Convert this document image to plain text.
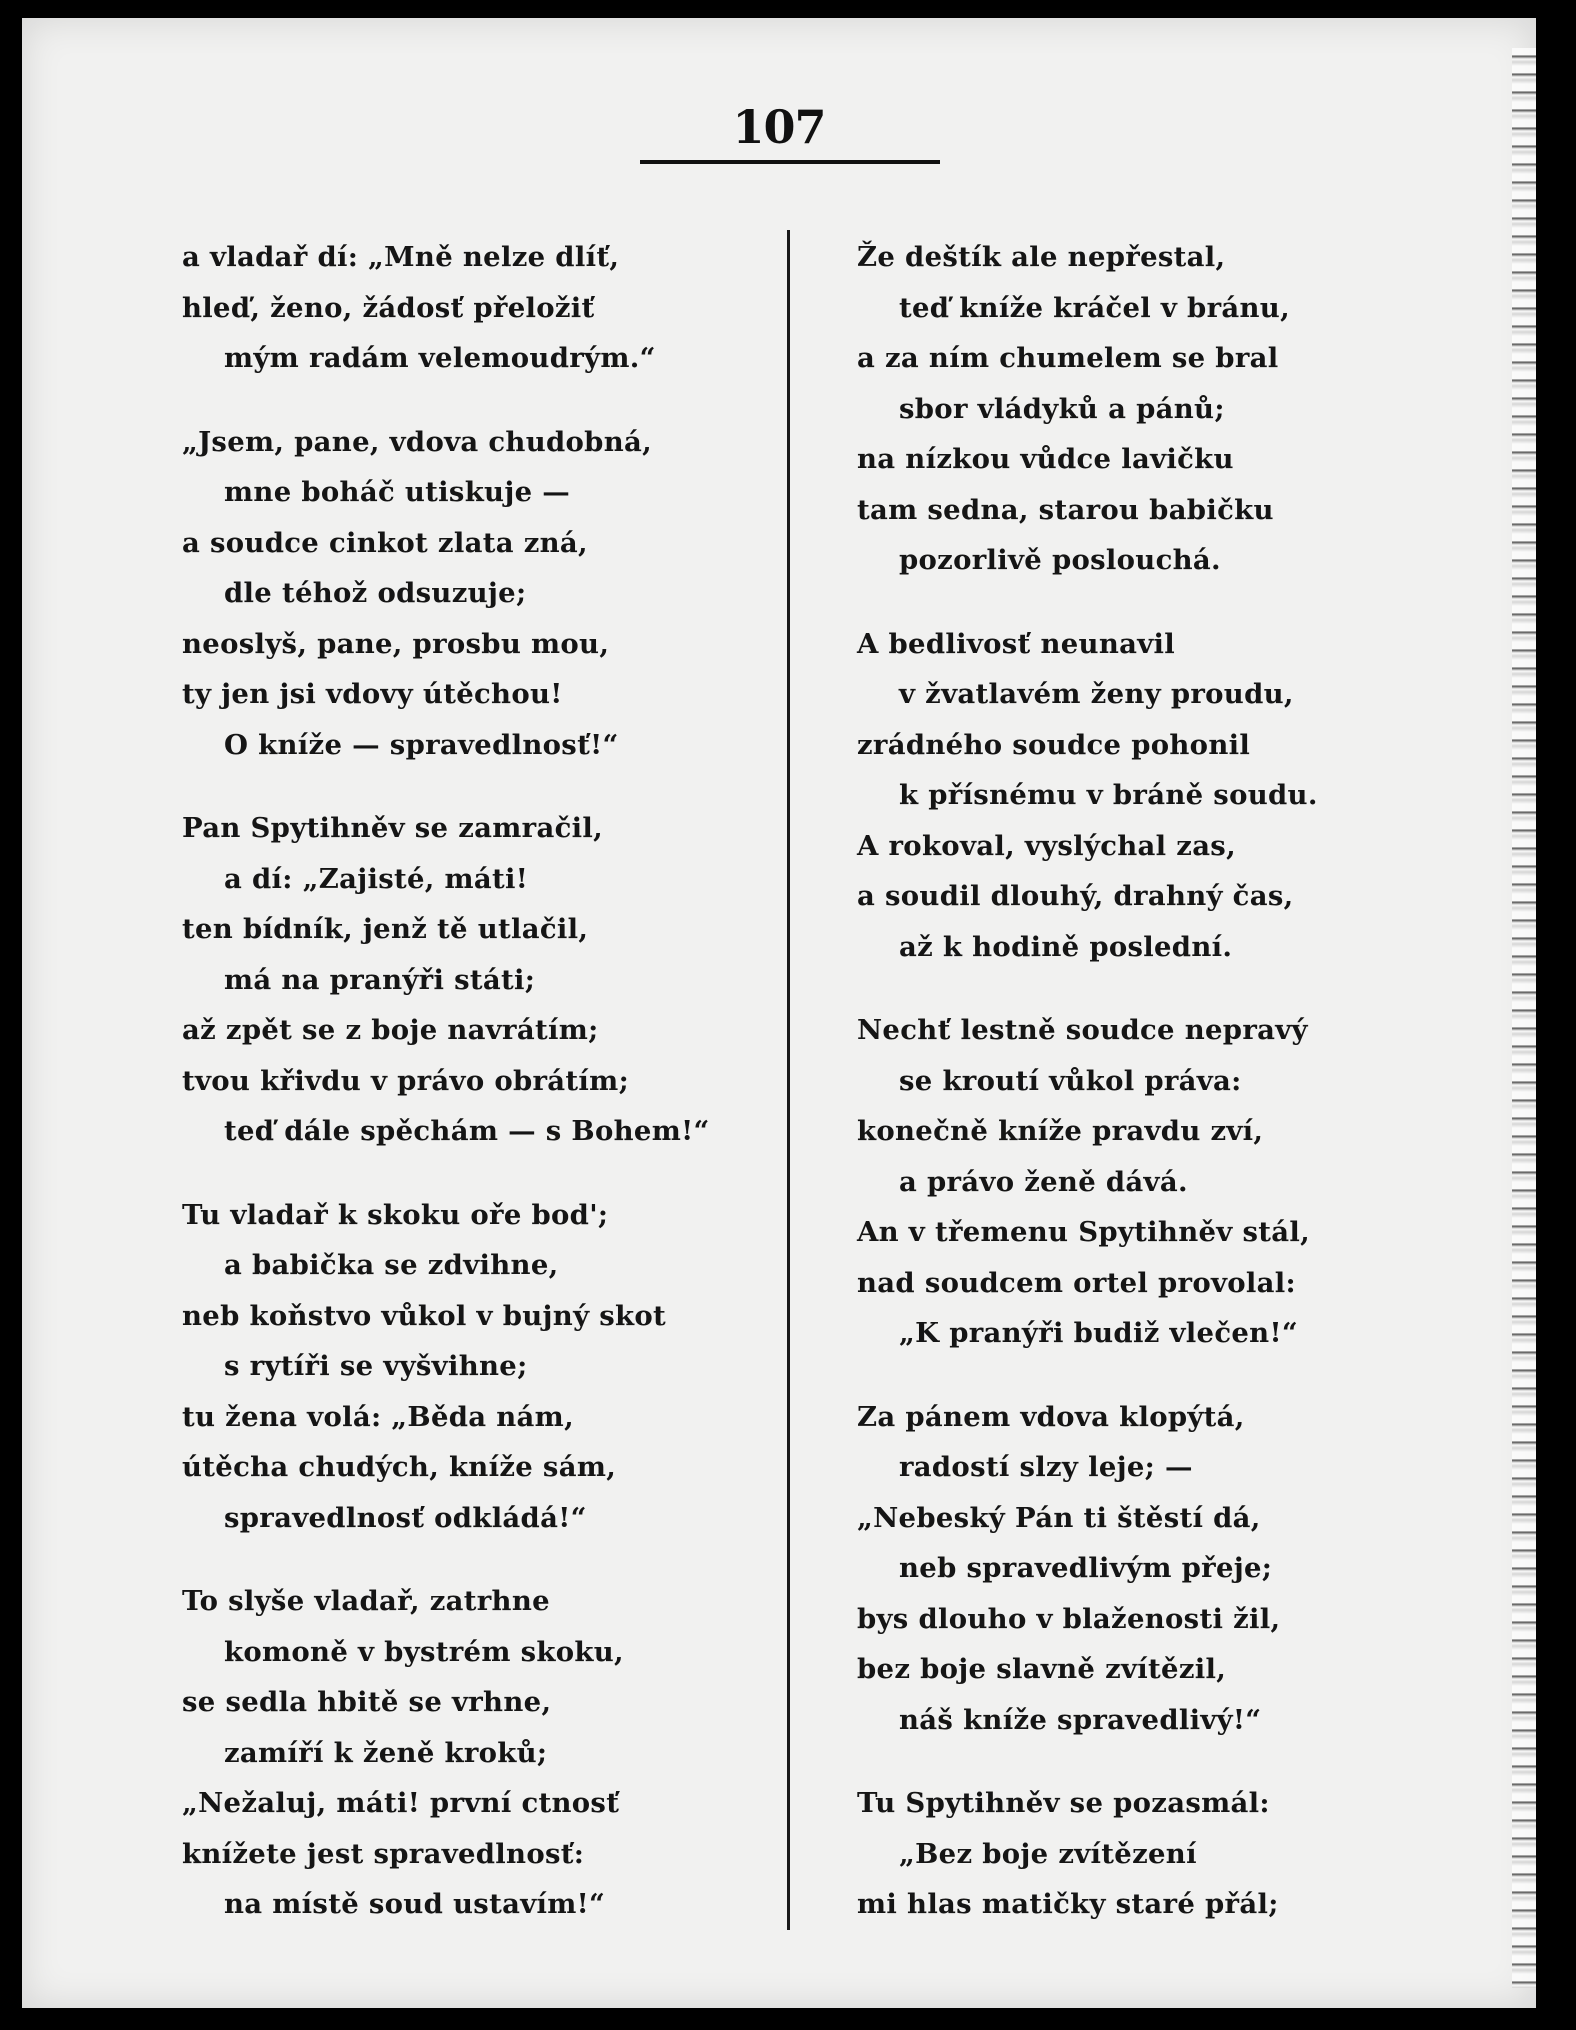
107
a vladař dí: „Mně nelze dlíť,
hleď, ženo, žádosť přeložiť
mým radám velemoudrým.“
„Jsem, pane, vdova chudobná,
mne boháč utiskuje —
a soudce cinkot zlata zná,
dle téhož odsuzuje;
neoslyš, pane, prosbu mou,
ty jen jsi vdovy útěchou!
O kníže — spravedlnosť!“
Pan Spytihněv se zamračil,
a dí: „Zajisté, máti!
ten bídník, jenž tě utlačil,
má na pranýři státi;
až zpět se z boje navrátím;
tvou křivdu v právo obrátím;
teď dále spěchám — s Bohem!“
Tu vladař k skoku oře bod';
a babička se zdvihne,
neb koňstvo vůkol v bujný skot
s rytíři se vyšvihne;
tu žena volá: „Běda nám,
útěcha chudých, kníže sám,
spravedlnosť odkládá!“
To slyše vladař, zatrhne
komoně v bystrém skoku,
se sedla hbitě se vrhne,
zamíří k ženě kroků;
„Nežaluj, máti! první ctnosť
knížete jest spravedlnosť:
na místě soud ustavím!“
Že deštík ale nepřestal,
teď kníže kráčel v bránu,
a za ním chumelem se bral
sbor vládyků a pánů;
na nízkou vůdce lavičku
tam sedna, starou babičku
pozorlivě poslouchá.
A bedlivosť neunavil
v žvatlavém ženy proudu,
zrádného soudce pohonil
k přísnému v bráně soudu.
A rokoval, vyslýchal zas,
a soudil dlouhý, drahný čas,
až k hodině poslední.
Nechť lestně soudce nepravý
se kroutí vůkol práva:
konečně kníže pravdu zví,
a právo ženě dává.
An v třemenu Spytihněv stál,
nad soudcem ortel provolal:
„K pranýři budiž vlečen!“
Za pánem vdova klopýtá,
radostí slzy leje; —
„Nebeský Pán ti štěstí dá,
neb spravedlivým přeje;
bys dlouho v blaženosti žil,
bez boje slavně zvítězil,
náš kníže spravedlivý!“
Tu Spytihněv se pozasmál:
„Bez boje zvítězení
mi hlas matičky staré přál;
